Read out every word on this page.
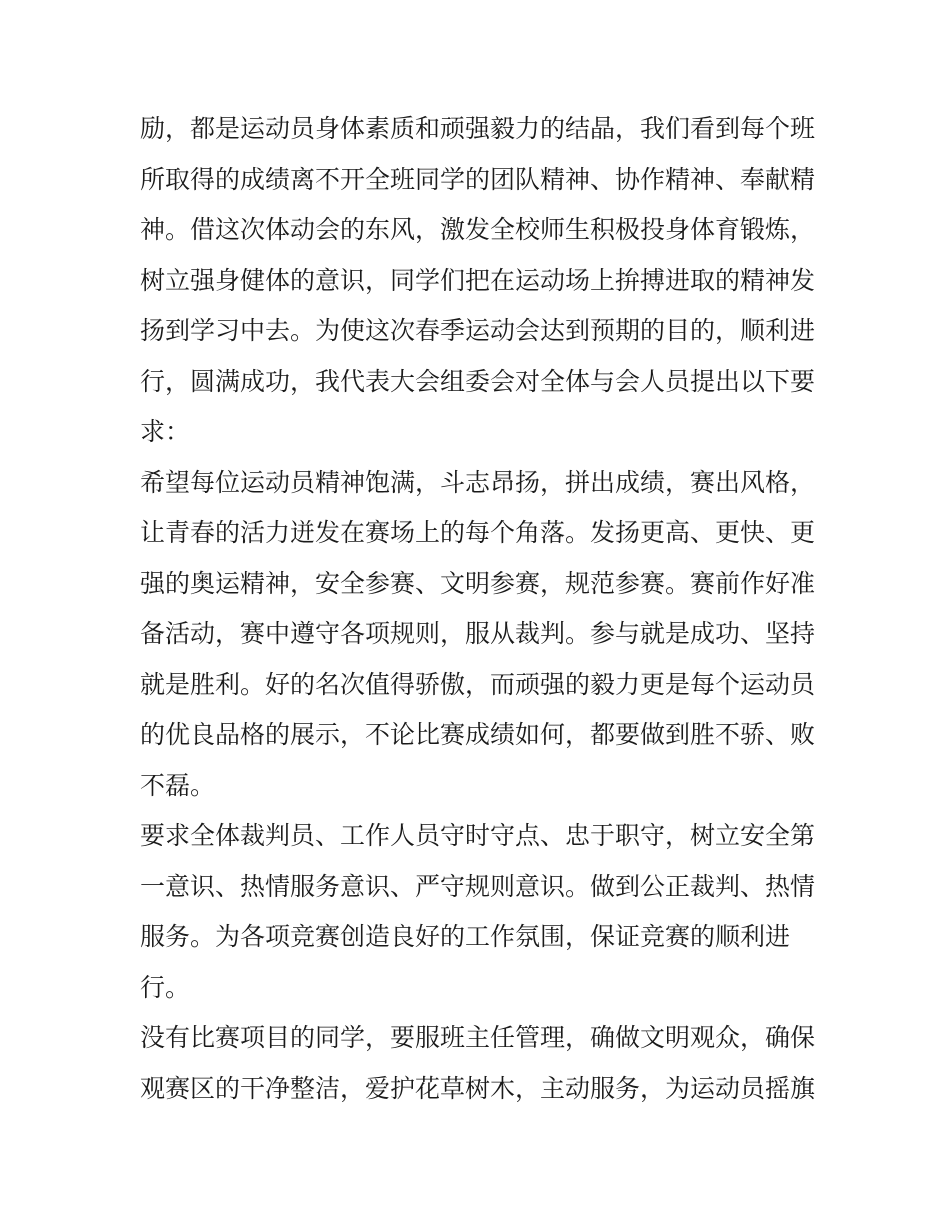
励，都是运动员身体素质和顽强毅力的结晶，我们看到每个班
所取得的成绩离不开全班同学的团队精神、协作精神、奉献精
神。借这次体动会的东风，激发全校师生积极投身体育锻炼，
树立强身健体的意识，同学们把在运动场上拚搏进取的精神发
扬到学习中去。为使这次春季运动会达到预期的目的，顺利进
行，圆满成功，我代表大会组委会对全体与会人员提出以下要
求：
希望每位运动员精神饱满，斗志昂扬，拼出成绩，赛出风格，
让青春的活力迸发在赛场上的每个角落。发扬更高、更快、更
强的奥运精神，安全参赛、文明参赛，规范参赛。赛前作好准
备活动，赛中遵守各项规则，服从裁判。参与就是成功、坚持
就是胜利。好的名次值得骄傲，而顽强的毅力更是每个运动员
的优良品格的展示，不论比赛成绩如何，都要做到胜不骄、败
不磊。
要求全体裁判员、工作人员守时守点、忠于职守，树立安全第
一意识、热情服务意识、严守规则意识。做到公正裁判、热情
服务。为各项竞赛创造良好的工作氛围，保证竞赛的顺利进
行。
没有比赛项目的同学，要服班主任管理，确做文明观众，确保
观赛区的干净整洁，爱护花草树木，主动服务，为运动员摇旗
